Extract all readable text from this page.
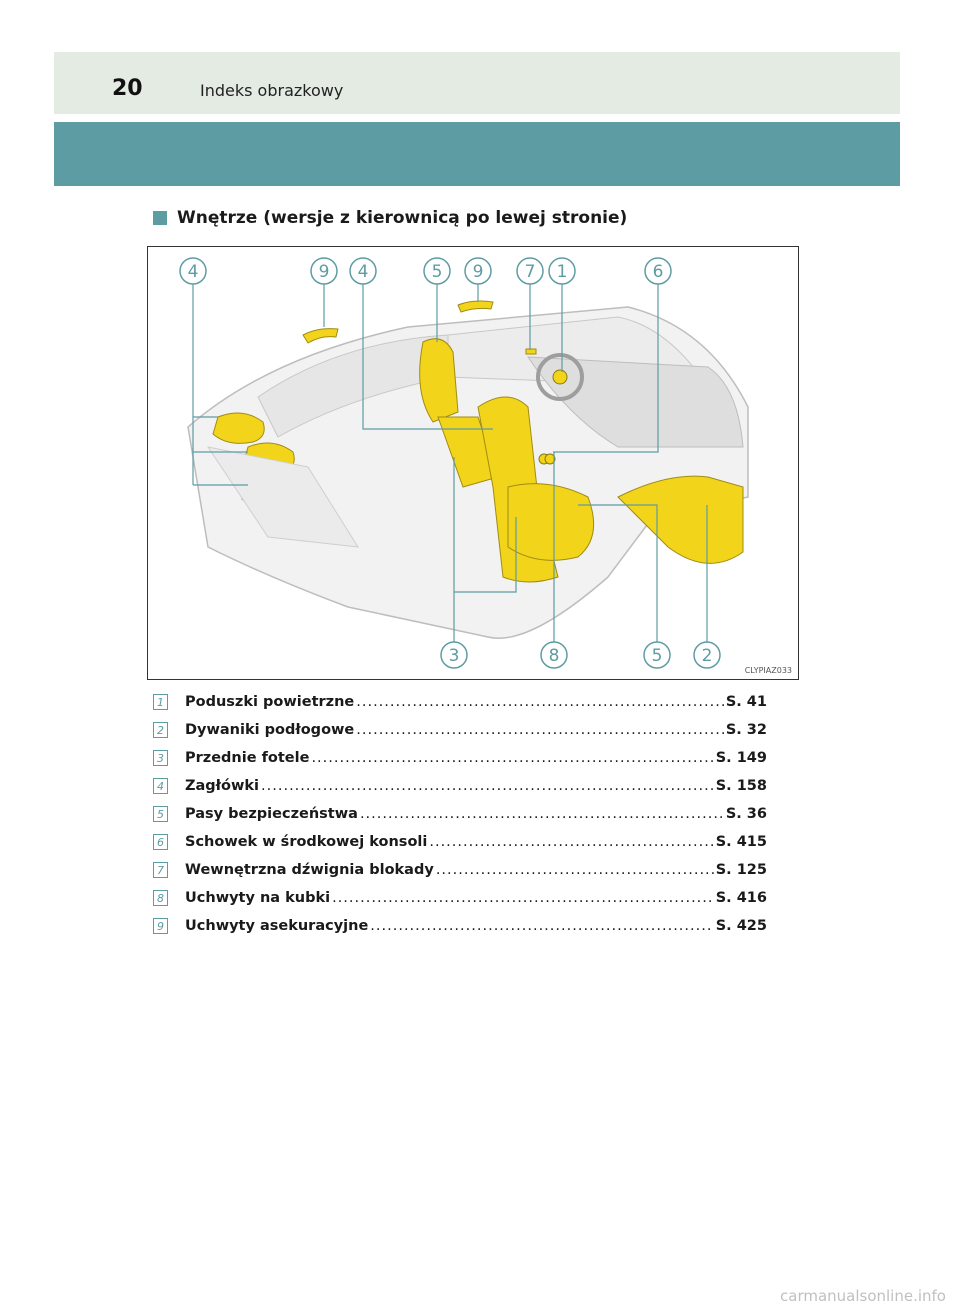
20	Indeks obrazkowy
Wnętrze (wersje z kierownicą po lewej stronie)
4	9 4	5 9 7 1	6
3	8	5 2
CLYPIAZ033
1 Poduszki powietrzne .....	S. 41
2 Dywaniki podłogowe .....	S. 32
3 Przednie fotele .....	S. 149
4 Zagłówki .....	S. 158
5 Pasy bezpieczeństwa .....	S. 36
6 Schowek w środkowej konsoli .....	S. 415
7 Wewnętrzna dźwignia blokady .....	S. 125
8 Uchwyty na kubki .....	S. 416
9 Uchwyty asekuracyjne .....	S. 425
carmanualsonline.info
